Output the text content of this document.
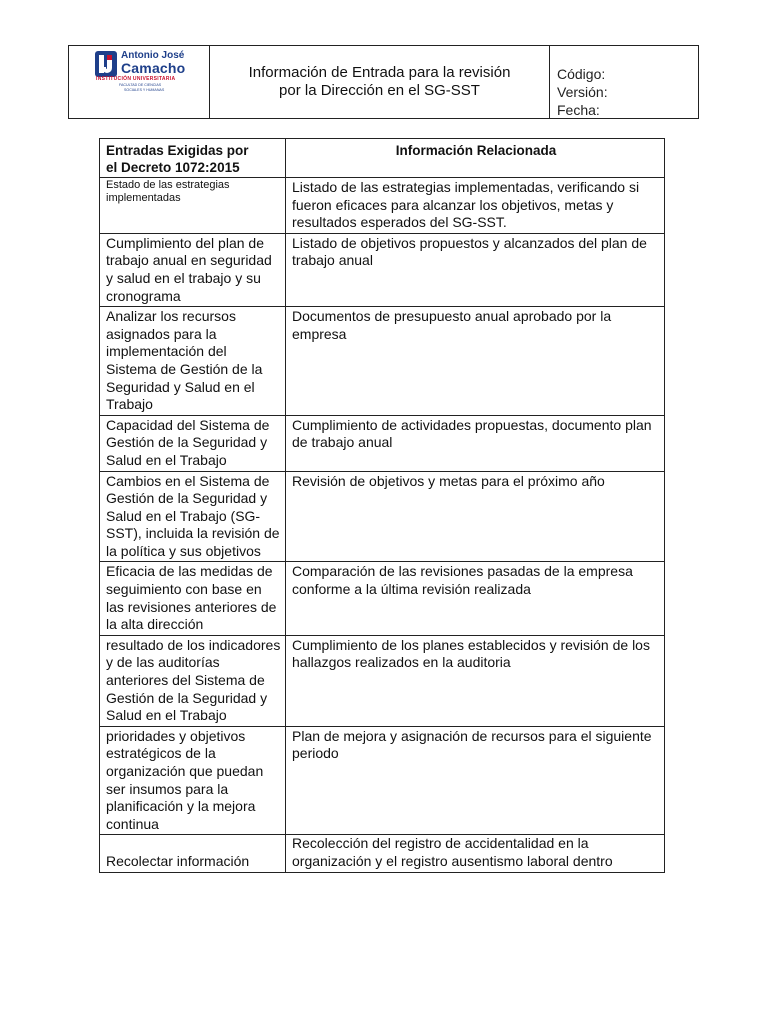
Antonio José
Camacho
INSTITUCIÓN UNIVERSITARIA
FACULTAD DE CIENCIAS
SOCIALES Y HUMANAS
Información de Entrada para la revisión
por la Dirección en el SG-SST
Código:
Versión:
Fecha:
Entradas Exigidas por
el Decreto 1072:2015	Información Relacionada
Estado de las estrategias implementadas	Listado de las estrategias implementadas, verificando si fueron eficaces para alcanzar los objetivos, metas y resultados esperados del SG-SST.
Cumplimiento del plan de trabajo anual en seguridad y salud en el trabajo y su cronograma	Listado de objetivos propuestos y alcanzados del plan de trabajo anual
Analizar los recursos asignados para la implementación del Sistema de Gestión de la Seguridad y Salud en el Trabajo	Documentos de presupuesto anual aprobado por la empresa
Capacidad del Sistema de Gestión de la Seguridad y Salud en el Trabajo	Cumplimiento de actividades propuestas, documento plan de trabajo anual
Cambios en el Sistema de Gestión de la Seguridad y Salud en el Trabajo (SG-SST), incluida la revisión de la política y sus objetivos	Revisión de objetivos y metas para el próximo año
Eficacia de las medidas de seguimiento con base en las revisiones anteriores de la alta dirección	Comparación de las revisiones pasadas de la empresa conforme a la última revisión realizada
resultado de los indicadores y de las auditorías anteriores del Sistema de Gestión de la Seguridad y Salud en el Trabajo	Cumplimiento de los planes establecidos y revisión de los hallazgos realizados en la auditoria
prioridades y objetivos estratégicos de la organización que puedan ser insumos para la planificación y la mejora continua	Plan de mejora y asignación de recursos para el siguiente periodo
Recolectar información	Recolección del registro de accidentalidad en la organización y el registro ausentismo laboral dentro
